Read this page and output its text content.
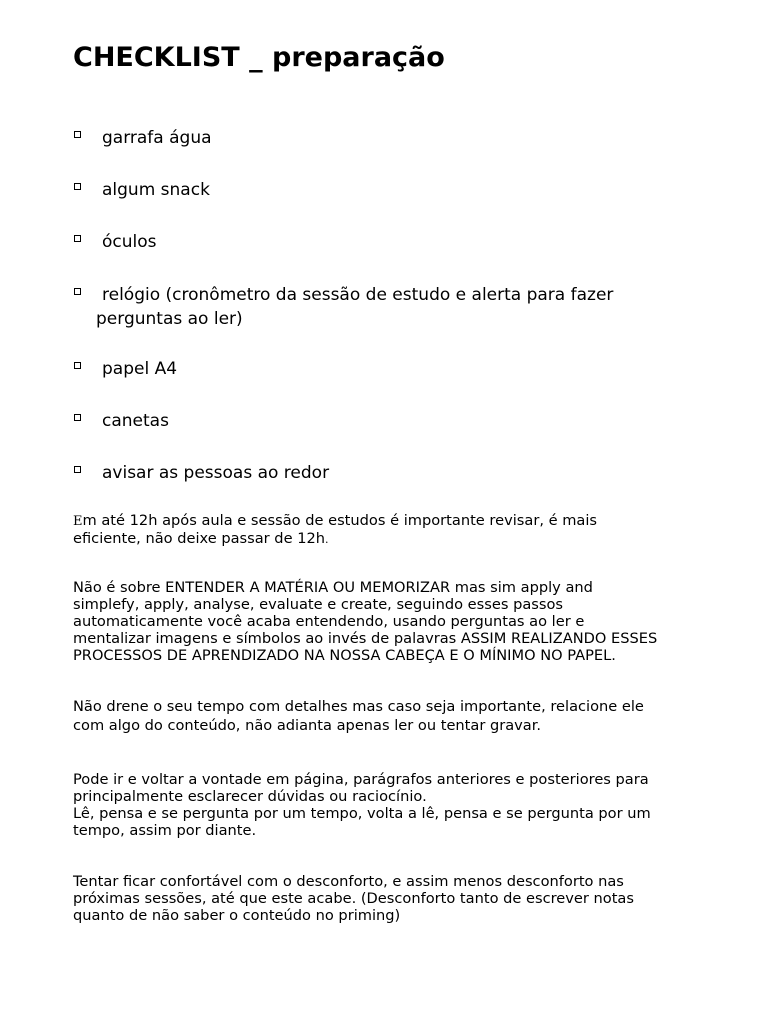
CHECKLIST _ preparação
garrafa água
algum snack
óculos
relógio (cronômetro da sessão de estudo e alerta para fazer
perguntas ao ler)
papel A4
canetas
avisar as pessoas ao redor

Em até 12h após aula e sessão de estudos é importante revisar, é mais
eficiente, não deixe passar de 12h.

Não é sobre ENTENDER A MATÉRIA OU MEMORIZAR mas sim apply and
simplefy, apply, analyse, evaluate e create, seguindo esses passos
automaticamente você acaba entendendo, usando perguntas ao ler e
mentalizar imagens e símbolos ao invés de palavras ASSIM REALIZANDO ESSES
PROCESSOS DE APRENDIZADO NA NOSSA CABEÇA E O MÍNIMO NO PAPEL.

Não drene o seu tempo com detalhes mas caso seja importante, relacione ele
com algo do conteúdo, não adianta apenas ler ou tentar gravar.

Pode ir e voltar a vontade em página, parágrafos anteriores e posteriores para
principalmente esclarecer dúvidas ou raciocínio.
Lê, pensa e se pergunta por um tempo, volta a lê, pensa e se pergunta por um
tempo, assim por diante.

Tentar ficar confortável com o desconforto, e assim menos desconforto nas
próximas sessões, até que este acabe. (Desconforto tanto de escrever notas
quanto de não saber o conteúdo no priming)
